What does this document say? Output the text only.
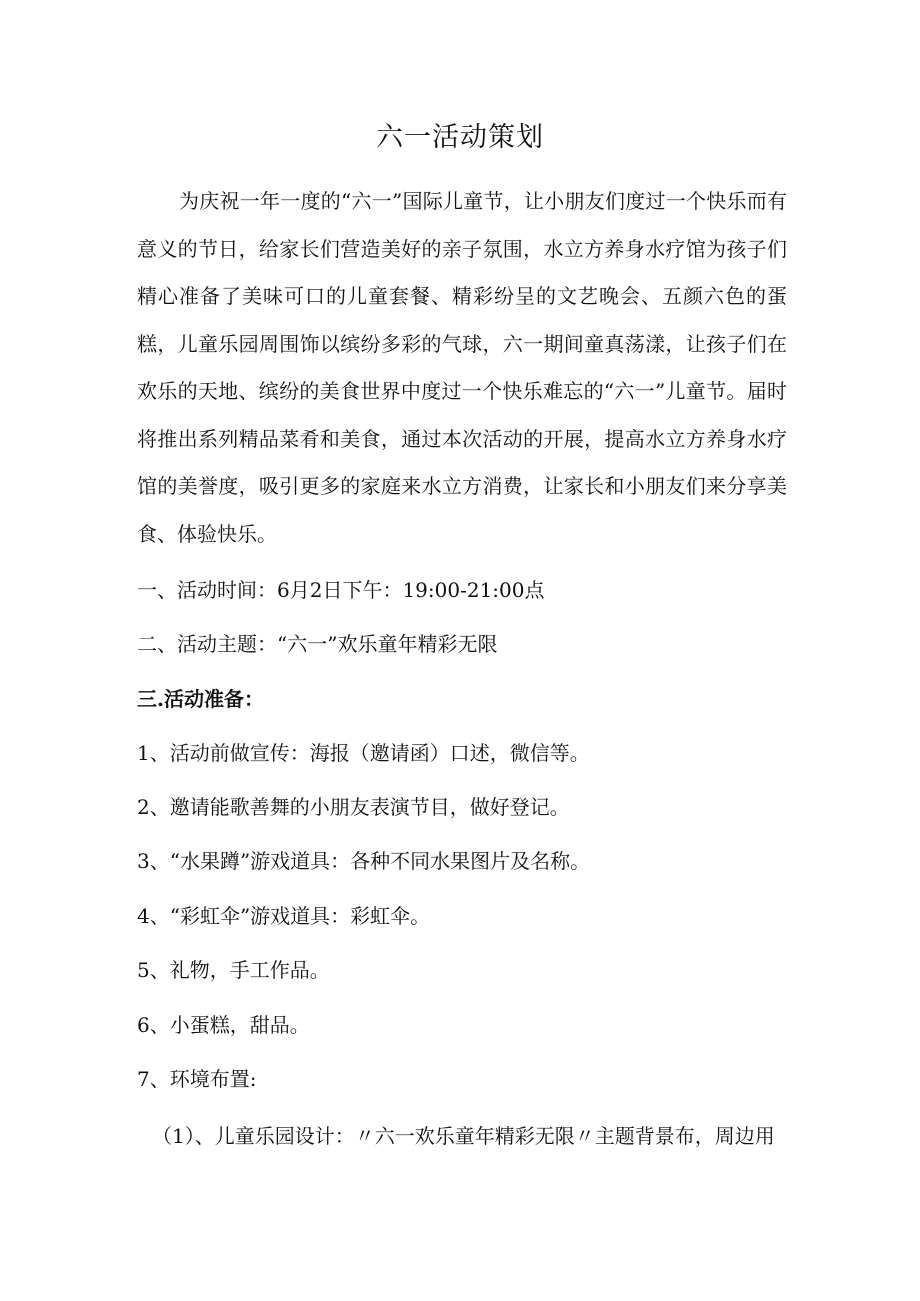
六一活动策划

为庆祝一年一度的“六一”国际儿童节，让小朋友们度过一个快乐而有意义的节日，给家长们营造美好的亲子氛围，水立方养身水疗馆为孩子们精心准备了美味可口的儿童套餐、精彩纷呈的文艺晚会、五颜六色的蛋糕，儿童乐园周围饰以缤纷多彩的气球，六一期间童真荡漾，让孩子们在欢乐的天地、缤纷的美食世界中度过一个快乐难忘的“六一”儿童节。届时将推出系列精品菜肴和美食，通过本次活动的开展，提高水立方养身水疗馆的美誉度，吸引更多的家庭来水立方消费，让家长和小朋友们来分享美食、体验快乐。

一、活动时间：6月2日下午：19:00-21:00点

二、活动主题：“六一”欢乐童年精彩无限

三.活动准备：

1、活动前做宣传：海报（邀请函）口述，微信等。

2、邀请能歌善舞的小朋友表演节目，做好登记。

3、“水果蹲”游戏道具：各种不同水果图片及名称。

4、“彩虹伞”游戏道具：彩虹伞。

5、礼物，手工作品。

6、小蛋糕，甜品。

7、环境布置:

（1）、儿童乐园设计：〃六一欢乐童年精彩无限〃主题背景布，周边用
